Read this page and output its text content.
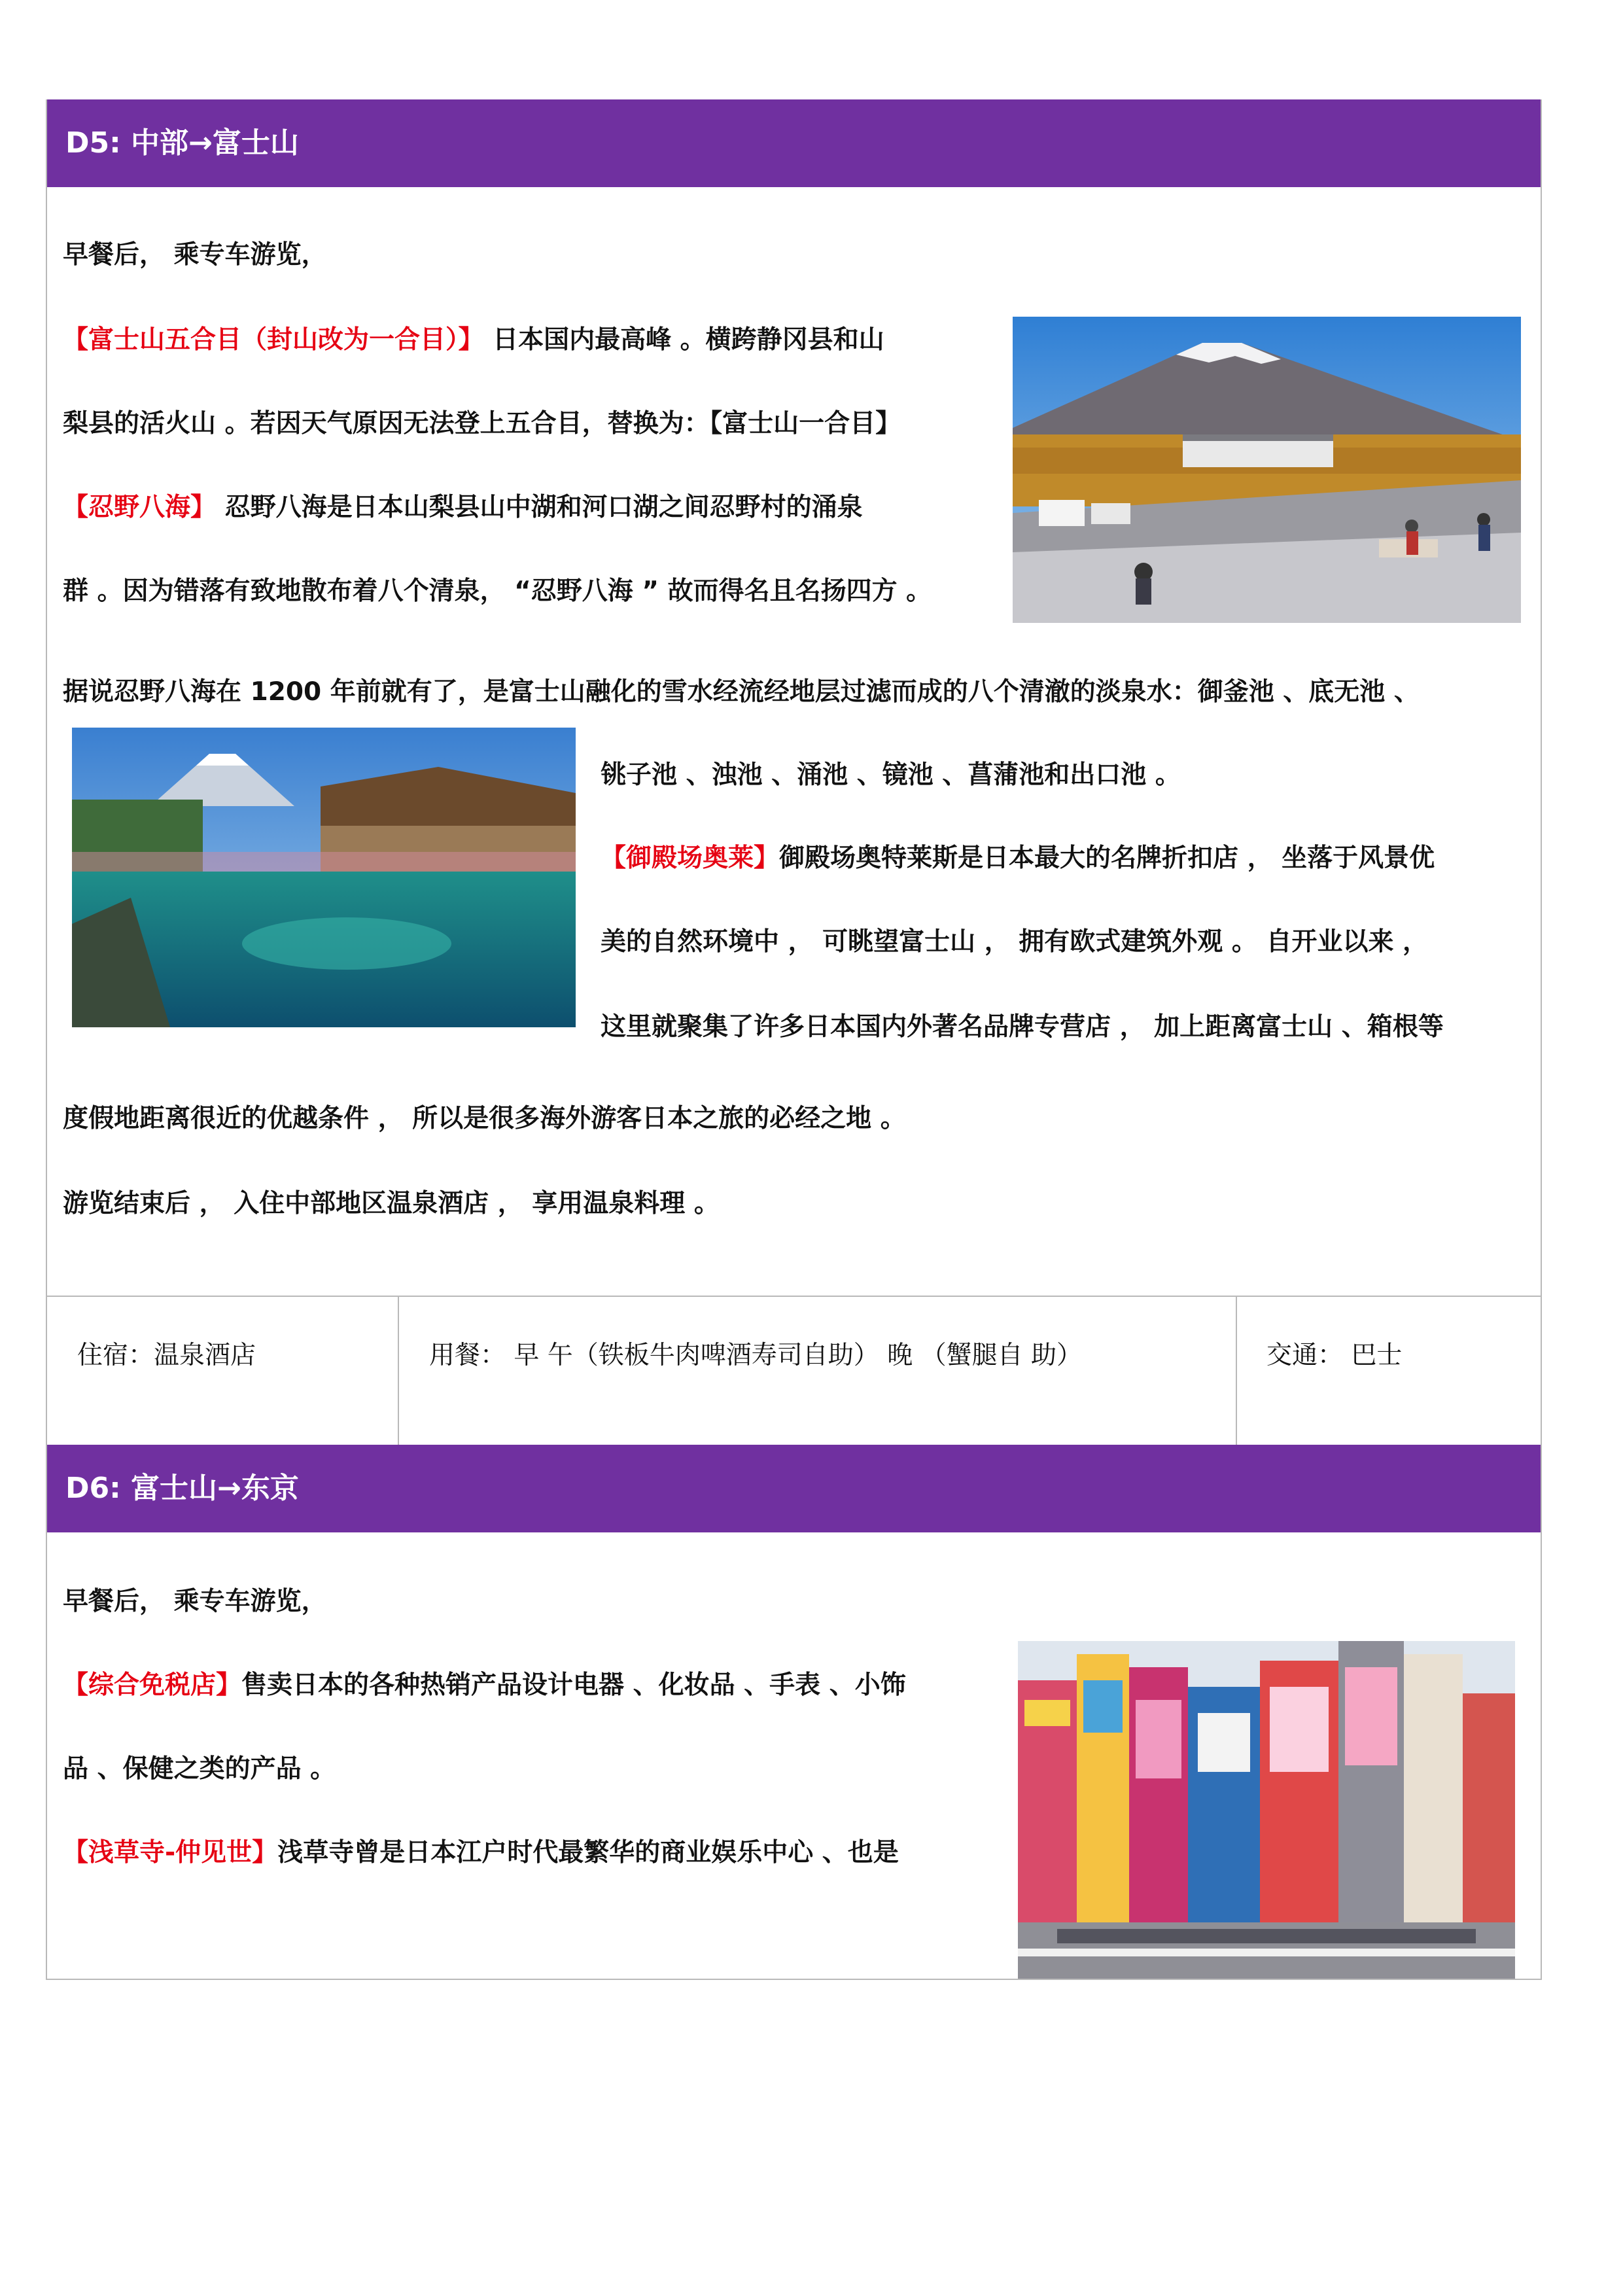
D5: 中部→富士山
早餐后， 乘专车游览，
【富士山五合目（封山改为一合目）】 日本国内最高峰 。横跨静冈县和山
梨县的活火山 。若因天气原因无法登上五合目，替换为：【富士山一合目】
【忍野八海】 忍野八海是日本山梨县山中湖和河口湖之间忍野村的涌泉
群 。因为错落有致地散布着八个清泉， “忍野八海 ” 故而得名且名扬四方 。
据说忍野八海在 1200 年前就有了，是富士山融化的雪水经流经地层过滤而成的八个清澈的淡泉水：御釜池 、底无池 、
铫子池 、浊池 、涌池 、镜池 、菖蒲池和出口池 。
【御殿场奥莱】御殿场奥特莱斯是日本最大的名牌折扣店 ， 坐落于风景优
美的自然环境中 ， 可眺望富士山 ， 拥有欧式建筑外观 。 自开业以来 ，
这里就聚集了许多日本国内外著名品牌专营店 ， 加上距离富士山 、箱根等
度假地距离很近的优越条件 ， 所以是很多海外游客日本之旅的必经之地 。
游览结束后 ， 入住中部地区温泉酒店 ， 享用温泉料理 。
住宿：温泉酒店	用餐： 早 午（铁板牛肉啤酒寿司自助） 晚 （蟹腿自 助）	交通： 巴士
D6: 富士山→东京
早餐后， 乘专车游览，
【综合免税店】售卖日本的各种热销产品设计电器 、化妆品 、手表 、小饰
品 、保健之类的产品 。
【浅草寺-仲见世】浅草寺曾是日本江户时代最繁华的商业娱乐中心 、也是
